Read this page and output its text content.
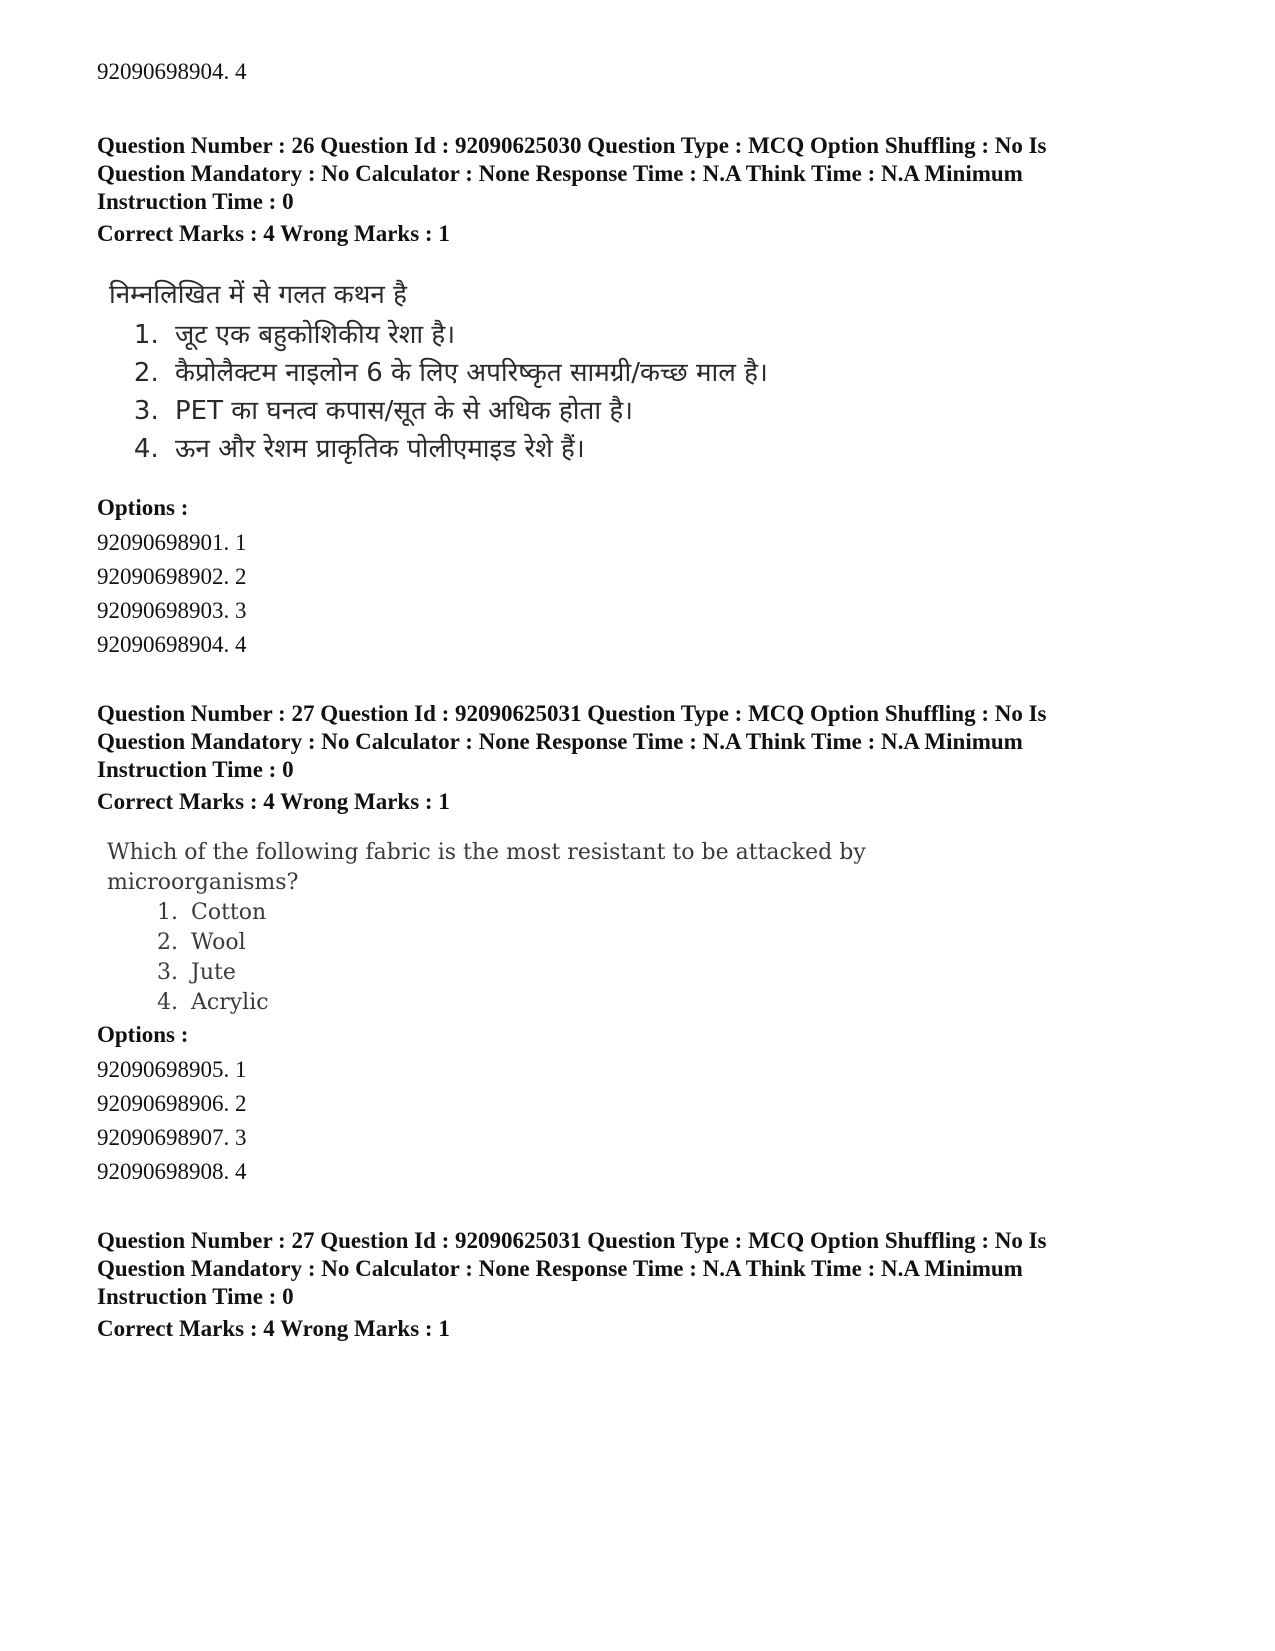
92090698904. 4
Question Number : 26 Question Id : 92090625030 Question Type : MCQ Option Shuffling : No Is Question Mandatory : No Calculator : None Response Time : N.A Think Time : N.A Minimum Instruction Time : 0
Correct Marks : 4 Wrong Marks : 1
निम्नलिखित में से गलत कथन है
1. जूट एक बहुकोशिकीय रेशा है।
2. कैप्रोलैक्टम नाइलोन 6 के लिए अपरिष्कृत सामग्री/कच्छ माल है।
3. PET का घनत्व कपास/सूत के से अधिक होता है।
4. ऊन और रेशम प्राकृतिक पोलीएमाइड रेशे हैं।
Options :
92090698901. 1
92090698902. 2
92090698903. 3
92090698904. 4
Question Number : 27 Question Id : 92090625031 Question Type : MCQ Option Shuffling : No Is Question Mandatory : No Calculator : None Response Time : N.A Think Time : N.A Minimum Instruction Time : 0
Correct Marks : 4 Wrong Marks : 1
Which of the following fabric is the most resistant to be attacked by microorganisms?
1. Cotton
2. Wool
3. Jute
4. Acrylic
Options :
92090698905. 1
92090698906. 2
92090698907. 3
92090698908. 4
Question Number : 27 Question Id : 92090625031 Question Type : MCQ Option Shuffling : No Is Question Mandatory : No Calculator : None Response Time : N.A Think Time : N.A Minimum Instruction Time : 0
Correct Marks : 4 Wrong Marks : 1
